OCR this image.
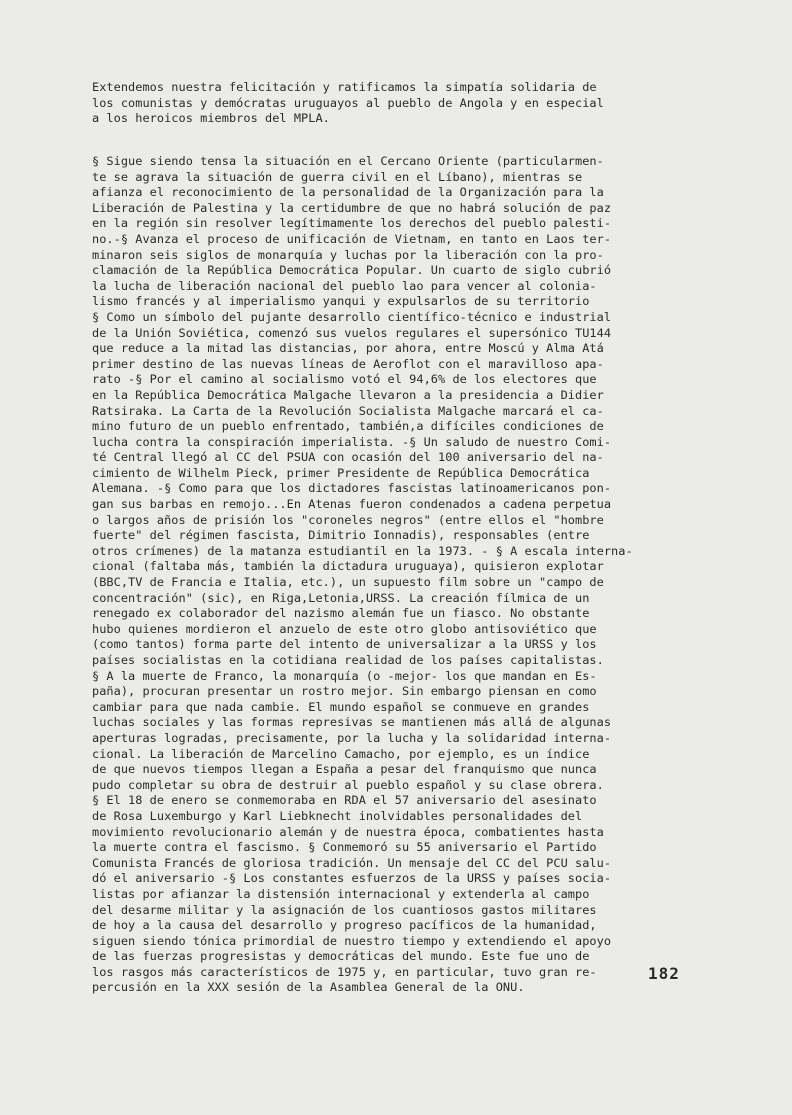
Extendemos nuestra felicitación y ratificamos la simpatía solidaria de
los comunistas y demócratas uruguayos al pueblo de Angola y en especial
a los heroicos miembros del MPLA.
§ Sigue siendo tensa la situación en el Cercano Oriente (particularmen-
te se agrava la situación de guerra civil en el Líbano), mientras se
afianza el reconocimiento de la personalidad de la Organización para la
Liberación de Palestina y la certidumbre de que no habrá solución de paz
en la región sin resolver legítimamente los derechos del pueblo palesti-
no.-§ Avanza el proceso de unificación de Vietnam, en tanto en Laos ter-
minaron seis siglos de monarquía y luchas por la liberación con la pro-
clamación de la República Democrática Popular. Un cuarto de siglo cubrió
la lucha de liberación nacional del pueblo lao para vencer al colonia-
lismo francés y al imperialismo yanqui y expulsarlos de su territorio
§ Como un símbolo del pujante desarrollo científico-técnico e industrial
de la Unión Soviética, comenzó sus vuelos regulares el supersónico TU144
que reduce a la mitad las distancias, por ahora, entre Moscú y Alma Atá
primer destino de las nuevas líneas de Aeroflot con el maravilloso apa-
rato -§ Por el camino al socialismo votó el 94,6% de los electores que
en la República Democrática Malgache llevaron a la presidencia a Didier
Ratsiraka. La Carta de la Revolución Socialista Malgache marcará el ca-
mino futuro de un pueblo enfrentado, también,a difíciles condiciones de
lucha contra la conspiración imperialista. -§ Un saludo de nuestro Comi-
té Central llegó al CC del PSUA con ocasión del 100 aniversario del na-
cimiento de Wilhelm Pieck, primer Presidente de República Democrática
Alemana. -§ Como para que los dictadores fascistas latinoamericanos pon-
gan sus barbas en remojo...En Atenas fueron condenados a cadena perpetua
o largos años de prisión los "coroneles negros" (entre ellos el "hombre
fuerte" del régimen fascista, Dimitrio Ionnadis), responsables (entre
otros crímenes) de la matanza estudiantil en la 1973. - § A escala interna-
cional (faltaba más, también la dictadura uruguaya), quisieron explotar
(BBC,TV de Francia e Italia, etc.), un supuesto film sobre un "campo de
concentración" (sic), en Riga,Letonia,URSS. La creación fílmica de un
renegado ex colaborador del nazismo alemán fue un fiasco. No obstante
hubo quienes mordieron el anzuelo de este otro globo antisoviético que
(como tantos) forma parte del intento de universalizar a la URSS y los
países socialistas en la cotidiana realidad de los países capitalistas.
§ A la muerte de Franco, la monarquía (o -mejor- los que mandan en Es-
paña), procuran presentar un rostro mejor. Sin embargo piensan en como
cambiar para que nada cambie. El mundo español se conmueve en grandes
luchas sociales y las formas represivas se mantienen más allá de algunas
aperturas logradas, precisamente, por la lucha y la solidaridad interna-
cional. La liberación de Marcelino Camacho, por ejemplo, es un índice
de que nuevos tiempos llegan a España a pesar del franquismo que nunca
pudo completar su obra de destruir al pueblo español y su clase obrera.
§ El 18 de enero se conmemoraba en RDA el 57 aniversario del asesinato
de Rosa Luxemburgo y Karl Liebknecht inolvidables personalidades del
movimiento revolucionario alemán y de nuestra época, combatientes hasta
la muerte contra el fascismo. § Conmemoró su 55 aniversario el Partido
Comunista Francés de gloriosa tradición. Un mensaje del CC del PCU salu-
dó el aniversario -§ Los constantes esfuerzos de la URSS y países socia-
listas por afianzar la distensión internacional y extenderla al campo
del desarme militar y la asignación de los cuantiosos gastos militares
de hoy a la causa del desarrollo y progreso pacíficos de la humanidad,
siguen siendo tónica primordial de nuestro tiempo y extendiendo el apoyo
de las fuerzas progresistas y democráticas del mundo. Este fue uno de
los rasgos más característicos de 1975 y, en particular, tuvo gran re-
percusión en la XXX sesión de la Asamblea General de la ONU.
182
